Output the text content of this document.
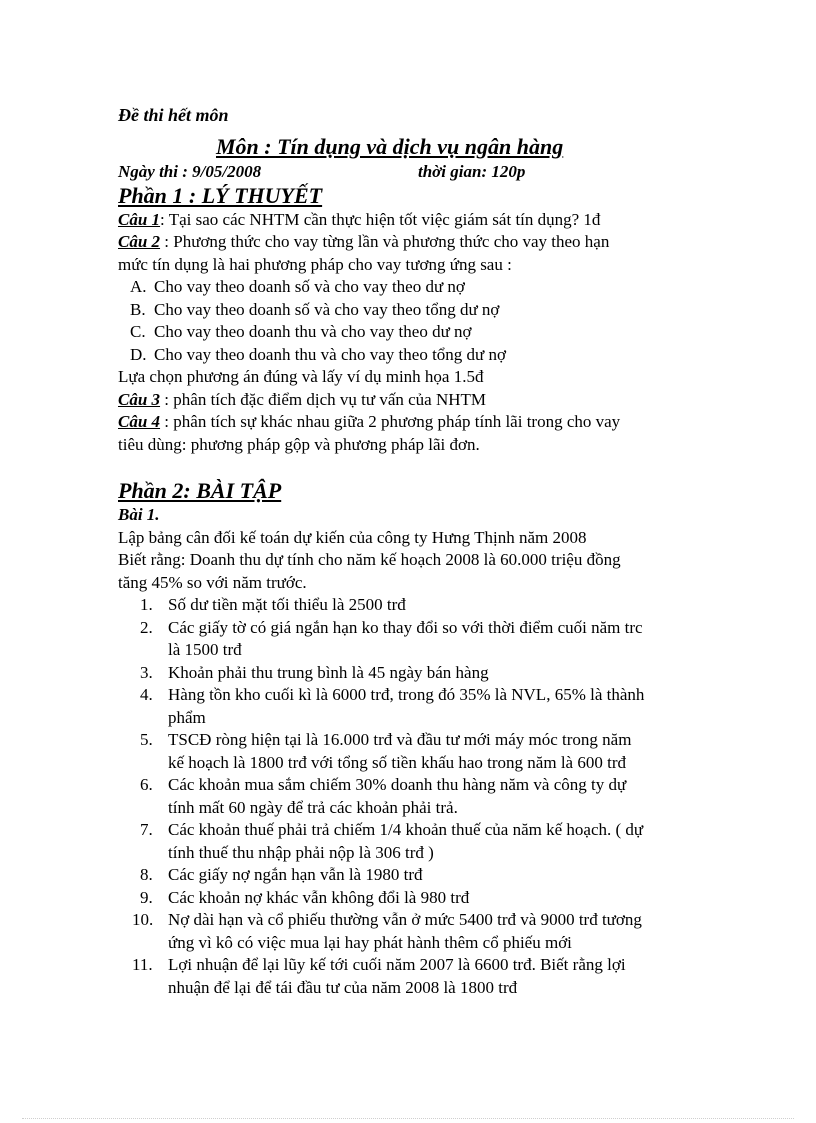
Đề thi hết môn
Môn : Tín dụng và dịch vụ ngân hàng
Ngày thi : 9/05/2008	thời gian: 120p
Phần 1 : LÝ THUYẾT

Câu 1: Tại sao các NHTM cần thực hiện tốt việc giám sát tín dụng? 1đ

Câu 2 : Phương thức cho vay từng lần và phương thức cho vay theo hạn

mức tín dụng là hai phương pháp cho vay tương ứng sau :

A. Cho vay theo doanh số và cho vay theo dư nợ
B. Cho vay theo doanh số và cho vay theo tổng dư nợ
C. Cho vay theo doanh thu và cho vay theo dư nợ
D. Cho vay theo doanh thu và cho vay theo tổng dư nợ

Lựa chọn phương án đúng và lấy ví dụ minh họa 1.5đ

Câu 3 : phân tích đặc điểm dịch vụ tư vấn của NHTM

Câu 4 : phân tích sự khác nhau giữa 2 phương pháp tính lãi trong cho vay

tiêu dùng: phương pháp gộp và phương pháp lãi đơn.

Phần 2: BÀI TẬP
Bài 1.

Lập bảng cân đối kế toán dự kiến của công ty Hưng Thịnh năm 2008

Biết rằng: Doanh thu dự tính cho năm kế hoạch 2008 là 60.000 triệu đồng

tăng 45% so với năm trước.

1. Số dư tiền mặt tối thiểu là 2500 trđ
2. Các giấy tờ có giá ngắn hạn ko thay đổi so với thời điểm cuối năm trc
là 1500 trđ
3. Khoản phải thu trung bình là 45 ngày bán hàng
4. Hàng tồn kho cuối kì là 6000 trđ, trong đó 35% là NVL, 65% là thành
phẩm
5. TSCĐ ròng hiện tại là 16.000 trđ và đầu tư mới máy móc trong năm
kế hoạch là 1800 trđ với tổng số tiền khấu hao trong năm là 600 trđ
6. Các khoản mua sắm chiếm 30% doanh thu hàng năm và công ty dự
tính mất 60 ngày để trả các khoản phải trả.
7. Các khoản thuế phải trả chiếm 1/4 khoản thuế của năm kế hoạch. ( dự
tính thuế thu nhập phải nộp là 306 trđ )
8. Các giấy nợ ngắn hạn vẫn là 1980 trđ
9. Các khoản nợ khác vẫn không đổi là 980 trđ
10. Nợ dài hạn và cổ phiếu thường vẫn ở mức 5400 trđ và 9000 trđ tương
ứng vì kô có việc mua lại hay phát hành thêm cổ phiếu mới
11. Lợi nhuận để lại lũy kế tới cuối năm 2007 là 6600 trđ. Biết rằng lợi
nhuận để lại để tái đầu tư của năm 2008 là 1800 trđ
